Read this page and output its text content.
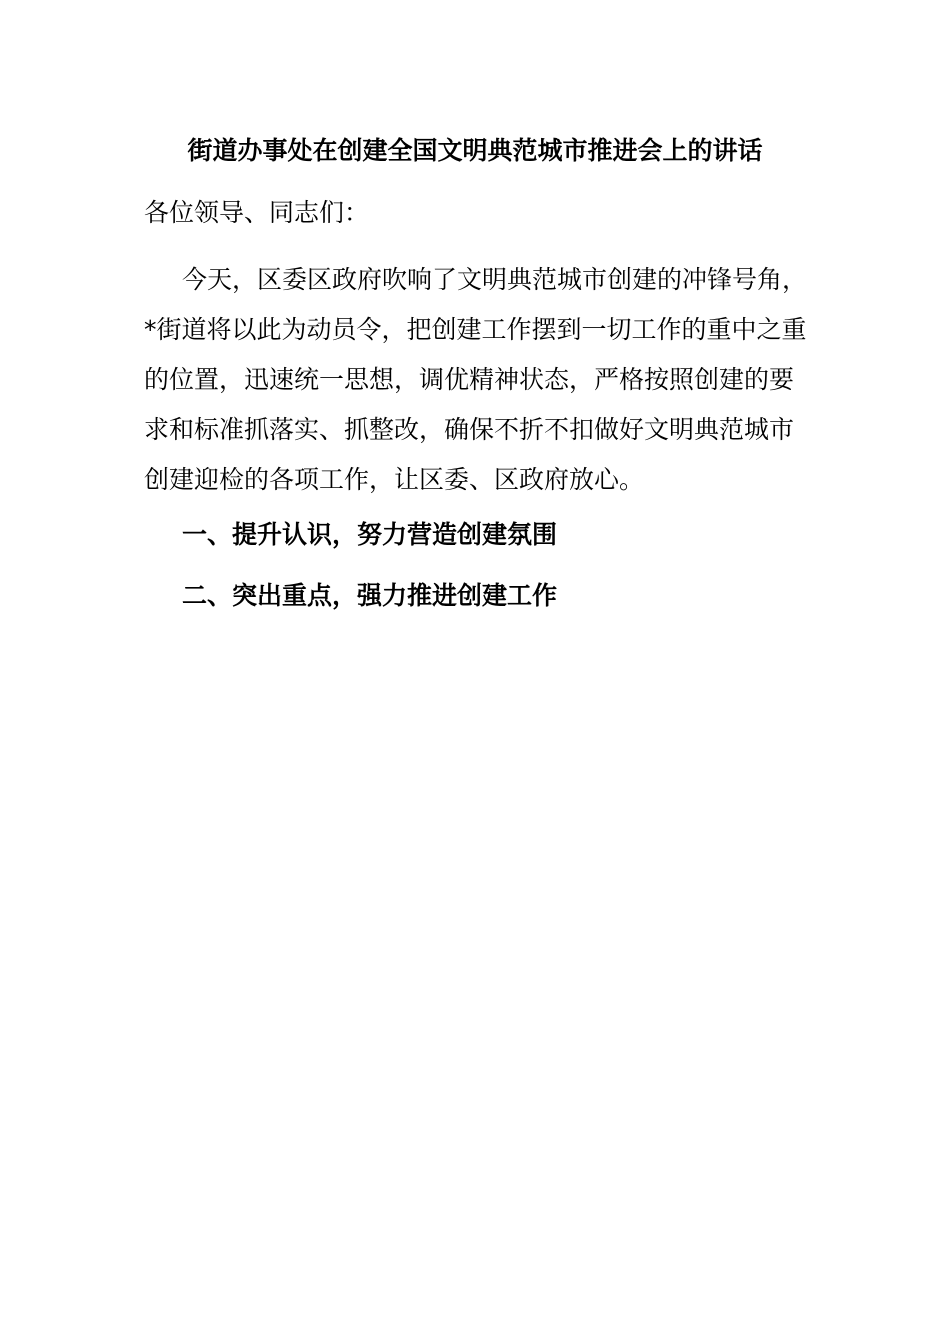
街道办事处在创建全国文明典范城市推进会上的讲话
各位领导、同志们：

今天，区委区政府吹响了文明典范城市创建的冲锋号角，*街道将以此为动员令，把创建工作摆到一切工作的重中之重的位置，迅速统一思想，调优精神状态，严格按照创建的要求和标准抓落实、抓整改，确保不折不扣做好文明典范城市创建迎检的各项工作，让区委、区政府放心。

一、提升认识，努力营造创建氛围
二、突出重点，强力推进创建工作
